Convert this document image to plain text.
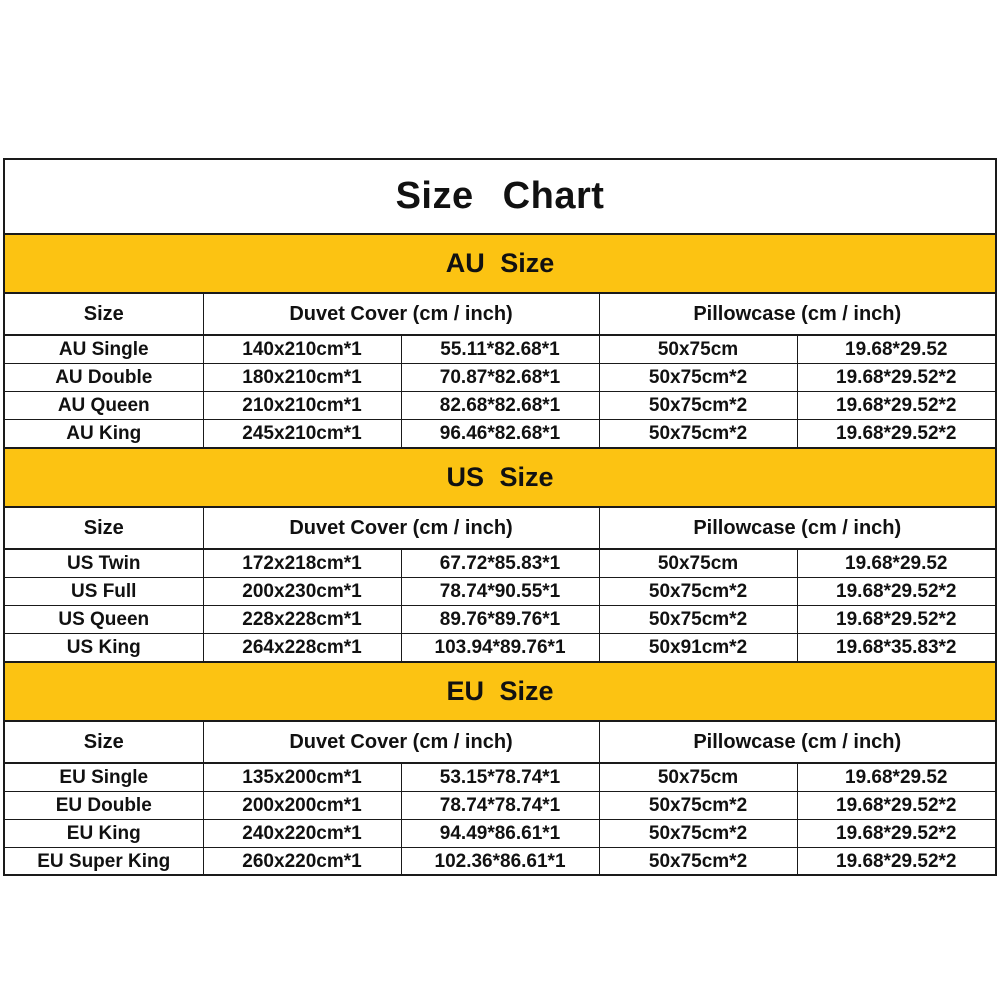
Size Chart
AU Size
Size	Duvet Cover (cm / inch)		Pillowcase (cm / inch)	
AU Single	140x210cm*1	55.11*82.68*1	50x75cm	19.68*29.52
AU Double	180x210cm*1	70.87*82.68*1	50x75cm*2	19.68*29.52*2
AU Queen	210x210cm*1	82.68*82.68*1	50x75cm*2	19.68*29.52*2
AU King	245x210cm*1	96.46*82.68*1	50x75cm*2	19.68*29.52*2
US Size
Size	Duvet Cover (cm / inch)		Pillowcase (cm / inch)	
US Twin	172x218cm*1	67.72*85.83*1	50x75cm	19.68*29.52
US Full	200x230cm*1	78.74*90.55*1	50x75cm*2	19.68*29.52*2
US Queen	228x228cm*1	89.76*89.76*1	50x75cm*2	19.68*29.52*2
US King	264x228cm*1	103.94*89.76*1	50x91cm*2	19.68*35.83*2
EU Size
Size	Duvet Cover (cm / inch)		Pillowcase (cm / inch)	
EU Single	135x200cm*1	53.15*78.74*1	50x75cm	19.68*29.52
EU Double	200x200cm*1	78.74*78.74*1	50x75cm*2	19.68*29.52*2
EU King	240x220cm*1	94.49*86.61*1	50x75cm*2	19.68*29.52*2
EU Super King	260x220cm*1	102.36*86.61*1	50x75cm*2	19.68*29.52*2
